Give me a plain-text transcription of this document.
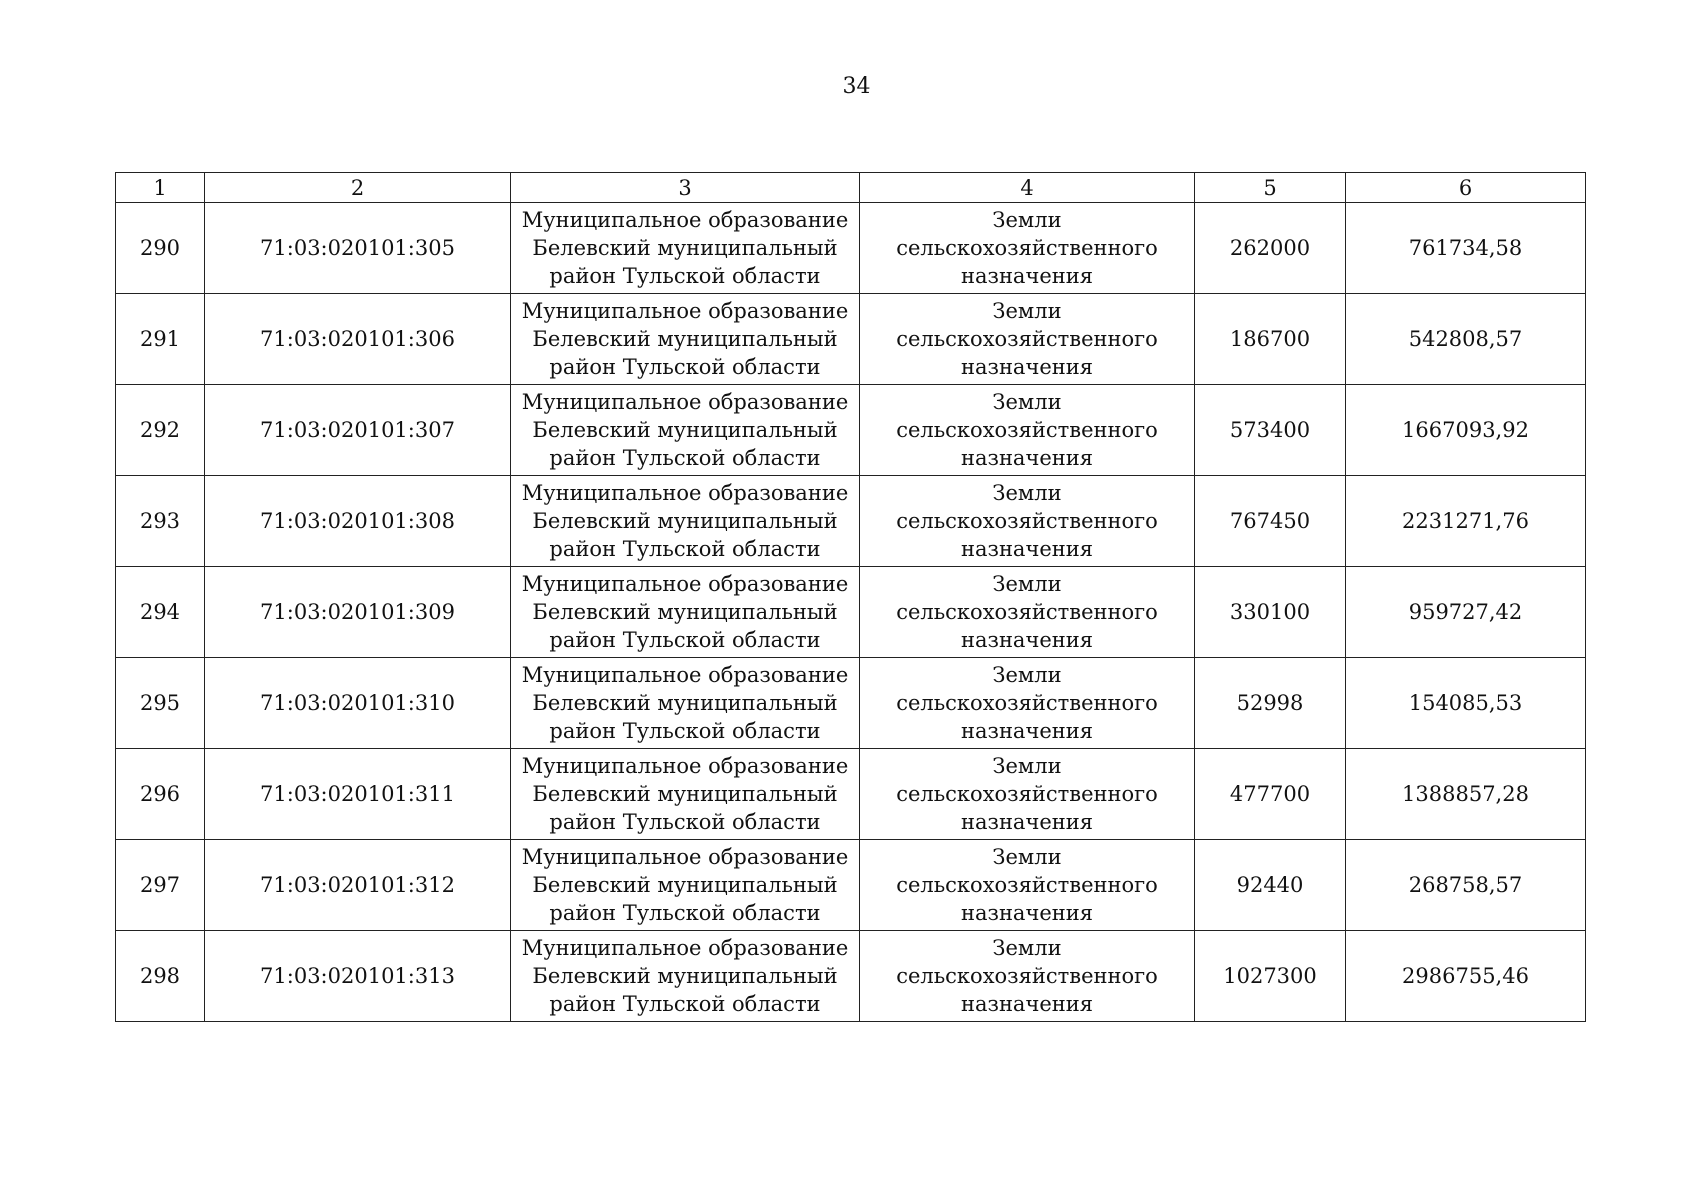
34
1	2	3	4	5	6
290	71:03:020101:305	Муниципальное образование
Белевский муниципальный
район Тульской области	Земли
сельскохозяйственного
назначения	262000	761734,58
291	71:03:020101:306	Муниципальное образование
Белевский муниципальный
район Тульской области	Земли
сельскохозяйственного
назначения	186700	542808,57
292	71:03:020101:307	Муниципальное образование
Белевский муниципальный
район Тульской области	Земли
сельскохозяйственного
назначения	573400	1667093,92
293	71:03:020101:308	Муниципальное образование
Белевский муниципальный
район Тульской области	Земли
сельскохозяйственного
назначения	767450	2231271,76
294	71:03:020101:309	Муниципальное образование
Белевский муниципальный
район Тульской области	Земли
сельскохозяйственного
назначения	330100	959727,42
295	71:03:020101:310	Муниципальное образование
Белевский муниципальный
район Тульской области	Земли
сельскохозяйственного
назначения	52998	154085,53
296	71:03:020101:311	Муниципальное образование
Белевский муниципальный
район Тульской области	Земли
сельскохозяйственного
назначения	477700	1388857,28
297	71:03:020101:312	Муниципальное образование
Белевский муниципальный
район Тульской области	Земли
сельскохозяйственного
назначения	92440	268758,57
298	71:03:020101:313	Муниципальное образование
Белевский муниципальный
район Тульской области	Земли
сельскохозяйственного
назначения	1027300	2986755,46
